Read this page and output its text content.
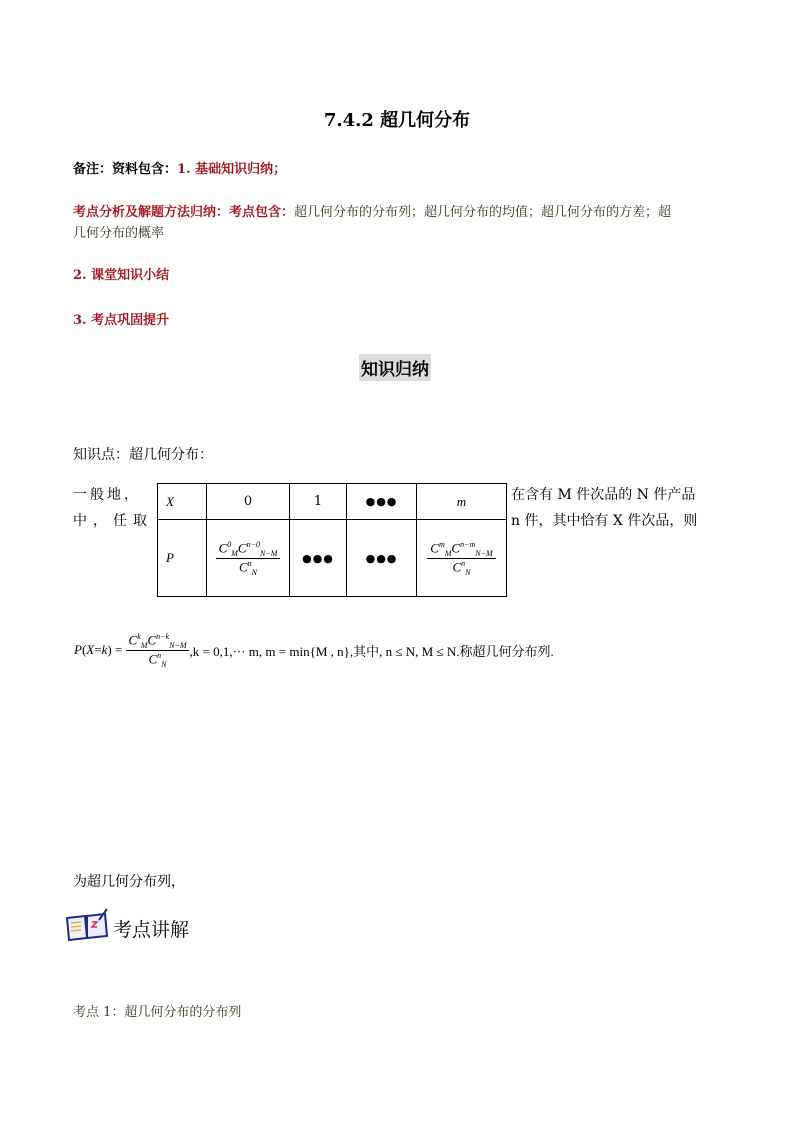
7.4.2 超几何分布
备注：资料包含：1. 基础知识归纳；
考点分析及解题方法归纳：考点包含：超几何分布的分布列；超几何分布的均值；超几何分布的方差；超
几何分布的概率
2. 课堂知识小结
3. 考点巩固提升
知识归纳
知识点：超几何分布：
一般地，
中，任取
在含有 M 件次品的 N 件产品
n 件，其中恰有 X 件次品，则
X	0	1	●●●	m
P	$\frac{C^0_MC^{n-0}_{N-M}}{C^n_N}$	●●●	●●●	$\frac{C^m_MC^{n-m}_{N-M}}{C^n_N}$
P ( X = k ) = $\frac{C^k_MC^{n-k}_{N-M}}{C^n_N} ,k = 0,1,\cdot\cdot\cdot m$, m = min{M , n},其中, n ≤ N, M ≤ N.称超几何分布列.
为超几何分布列，
考点讲解
考点 1：超几何分布的分布列
